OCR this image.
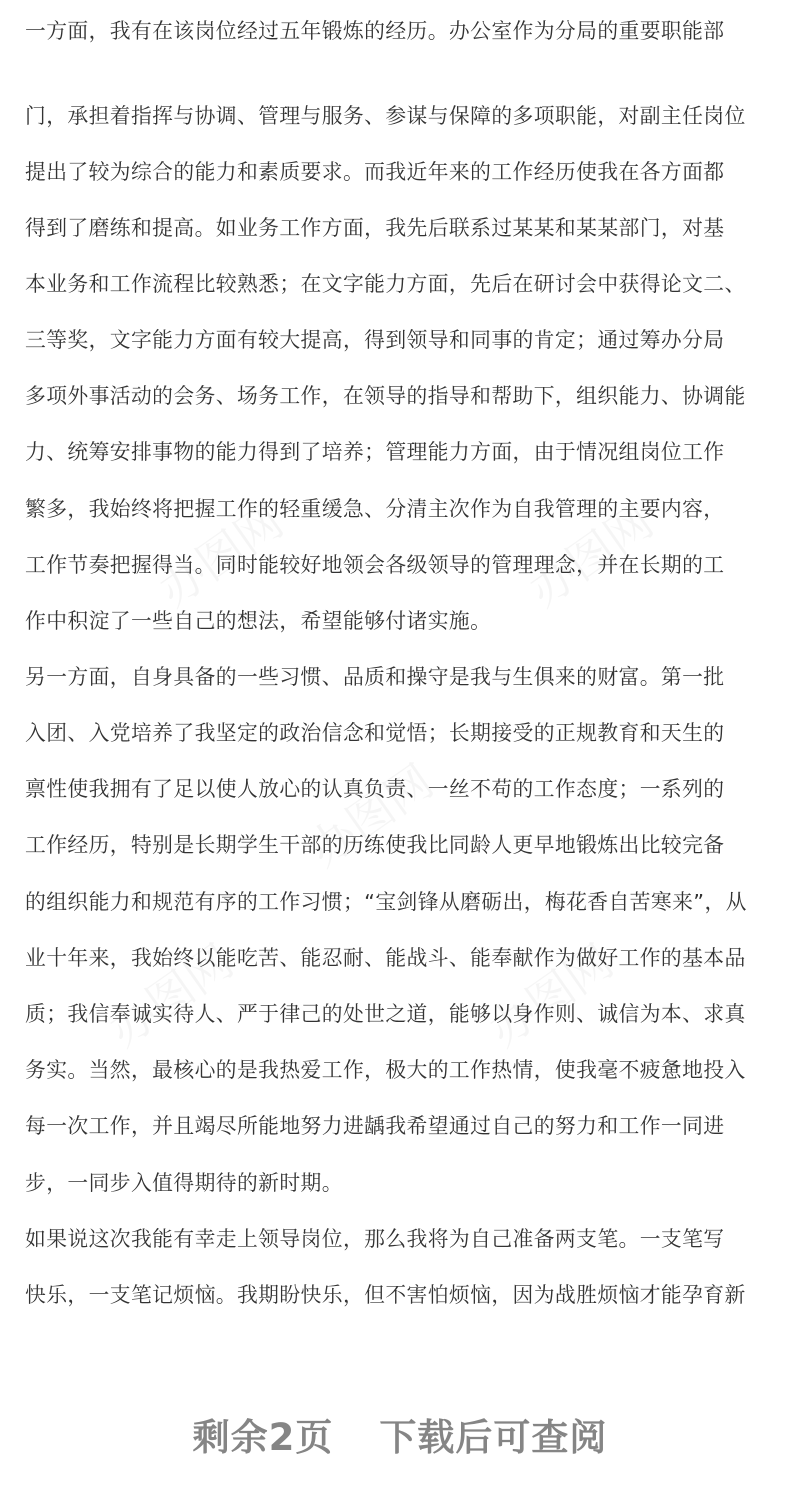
一方面，我有在该岗位经过五年锻炼的经历。办公室作为分局的重要职能部
门，承担着指挥与协调、管理与服务、参谋与保障的多项职能，对副主任岗位
提出了较为综合的能力和素质要求。而我近年来的工作经历使我在各方面都
得到了磨练和提高。如业务工作方面，我先后联系过某某和某某部门，对基
本业务和工作流程比较熟悉；在文字能力方面，先后在研讨会中获得论文二、
三等奖，文字能力方面有较大提高，得到领导和同事的肯定；通过筹办分局
多项外事活动的会务、场务工作，在领导的指导和帮助下，组织能力、协调能
力、统筹安排事物的能力得到了培养；管理能力方面，由于情况组岗位工作
繁多，我始终将把握工作的轻重缓急、分清主次作为自我管理的主要内容，
工作节奏把握得当。同时能较好地领会各级领导的管理理念，并在长期的工
作中积淀了一些自己的想法，希望能够付诸实施。
另一方面，自身具备的一些习惯、品质和操守是我与生俱来的财富。第一批
入团、入党培养了我坚定的政治信念和觉悟；长期接受的正规教育和天生的
禀性使我拥有了足以使人放心的认真负责、一丝不苟的工作态度；一系列的
工作经历，特别是长期学生干部的历练使我比同龄人更早地锻炼出比较完备
的组织能力和规范有序的工作习惯；“宝剑锋从磨砺出，梅花香自苦寒来”，从
业十年来，我始终以能吃苦、能忍耐、能战斗、能奉献作为做好工作的基本品
质；我信奉诚实待人、严于律己的处世之道，能够以身作则、诚信为本、求真
务实。当然，最核心的是我热爱工作，极大的工作热情，使我毫不疲惫地投入
每一次工作，并且竭尽所能地努力进龋我希望通过自己的努力和工作一同进
步，一同步入值得期待的新时期。
如果说这次我能有幸走上领导岗位，那么我将为自己准备两支笔。一支笔写
快乐，一支笔记烦恼。我期盼快乐，但不害怕烦恼，因为战胜烦恼才能孕育新
剩余2页 下载后可查阅
